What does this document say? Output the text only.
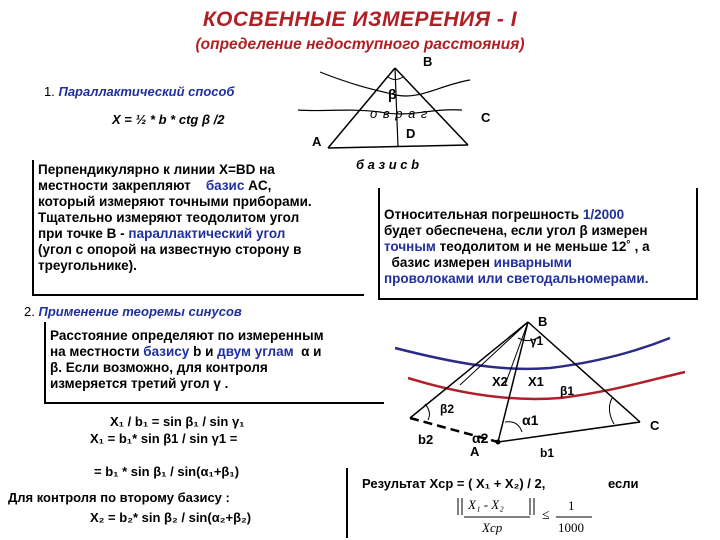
КОСВЕННЫЕ ИЗМЕРЕНИЯ - I
(определение недоступного расстояния)
1. Параллактический способ
X = ½ * b * ctg β /2
B
β
о в р а г
D
A
C
б а з и с b
Перпендикулярно к линии X=BD на
местности закрепляют базис AC,
который измеряют точными приборами.
Тщательно измеряют теодолитом угол
при точке B - параллактический угол
(угол с опорой на известную сторону в
треугольнике).
Относительная погрешность 1/2000
будет обеспечена, если угол β измерен
точным теодолитом и не меньше 12˚ , а
базис измерен инварными
проволоками или светодальномерами.
2. Применение теоремы синусов
Расстояние определяют по измеренным
на местности базису b и двум углам α и
β. Если возможно, для контроля
измеряется третий угол γ .
X₁ / b₁ = sin β₁ / sin γ₁
X₁ = b₁* sin β1 / sin γ1 =
= b₁ * sin β₁ / sin(α₁+β₁)
Для контроля по второму базису :
X₂ = b₂* sin β₂ / sin(α₂+β₂)
Результат Xср = ( X₁ + X₂) / 2,	если
X₁ - X₂
Xcp
≤
1
1000
B
γ1
X2 X1
β1
β2
α1	C
b2	α2
A	b1
